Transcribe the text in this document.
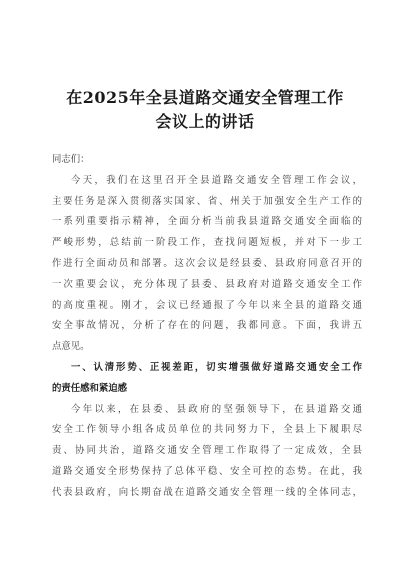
在2025年全县道路交通安全管理工作
会议上的讲话
同志们：
今天，我们在这里召开全县道路交通安全管理工作会议，
主要任务是深入贯彻落实国家、省、州关于加强安全生产工作的
一系列重要指示精神，全面分析当前我县道路交通安全面临的
严峻形势，总结前一阶段工作，查找问题短板，并对下一步工
作进行全面动员和部署。这次会议是经县委、县政府同意召开的
一次重要会议，充分体现了县委、县政府对道路交通安全工作
的高度重视。刚才，会议已经通报了今年以来全县的道路交通
安全事故情况，分析了存在的问题，我都同意。下面，我讲五
点意见。
一、认清形势、正视差距，切实增强做好道路交通安全工作
的责任感和紧迫感
今年以来，在县委、县政府的坚强领导下，在县道路交通
安全工作领导小组各成员单位的共同努力下，全县上下履职尽
责、协同共治，道路交通安全管理工作取得了一定成效，全县
道路交通安全形势保持了总体平稳、安全可控的态势。在此，我
代表县政府，向长期奋战在道路交通安全管理一线的全体同志，
